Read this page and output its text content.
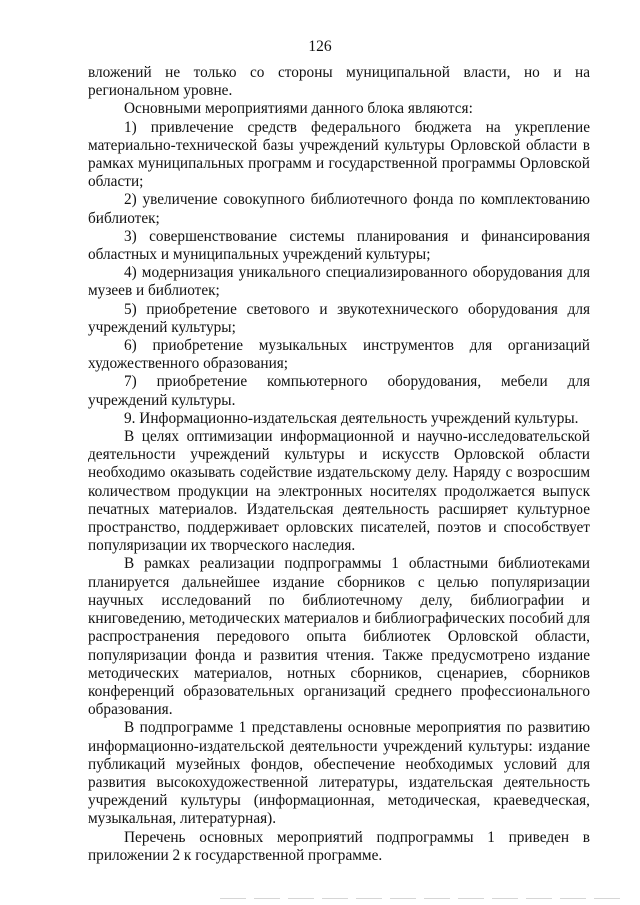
126

вложений не только со стороны муниципальной власти, но и на региональном уровне.

Основными мероприятиями данного блока являются:

1) привлечение средств федерального бюджета на укрепление материально-технической базы учреждений культуры Орловской области в рамках муниципальных программ и государственной программы Орловской области;

2) увеличение совокупного библиотечного фонда по комплектованию библиотек;

3) совершенствование системы планирования и финансирования областных и муниципальных учреждений культуры;

4) модернизация уникального специализированного оборудования для музеев и библиотек;

5) приобретение светового и звукотехнического оборудования для учреждений культуры;

6) приобретение музыкальных инструментов для организаций художественного образования;

7) приобретение компьютерного оборудования, мебели для учреждений культуры.

9. Информационно-издательская деятельность учреждений культуры.

В целях оптимизации информационной и научно-исследовательской деятельности учреждений культуры и искусств Орловской области необходимо оказывать содействие издательскому делу. Наряду с возросшим количеством продукции на электронных носителях продолжается выпуск печатных материалов. Издательская деятельность расширяет культурное пространство, поддерживает орловских писателей, поэтов и способствует популяризации их творческого наследия.

В рамках реализации подпрограммы 1 областными библиотеками планируется дальнейшее издание сборников с целью популяризации научных исследований по библиотечному делу, библиографии и книговедению, методических материалов и библиографических пособий для распространения передового опыта библиотек Орловской области, популяризации фонда и развития чтения. Также предусмотрено издание методических материалов, нотных сборников, сценариев, сборников конференций образовательных организаций среднего профессионального образования.

В подпрограмме 1 представлены основные мероприятия по развитию информационно-издательской деятельности учреждений культуры: издание публикаций музейных фондов, обеспечение необходимых условий для развития высокохудожественной литературы, издательская деятельность учреждений культуры (информационная, методическая, краеведческая, музыкальная, литературная).

Перечень основных мероприятий подпрограммы 1 приведен в приложении 2 к государственной программе.
